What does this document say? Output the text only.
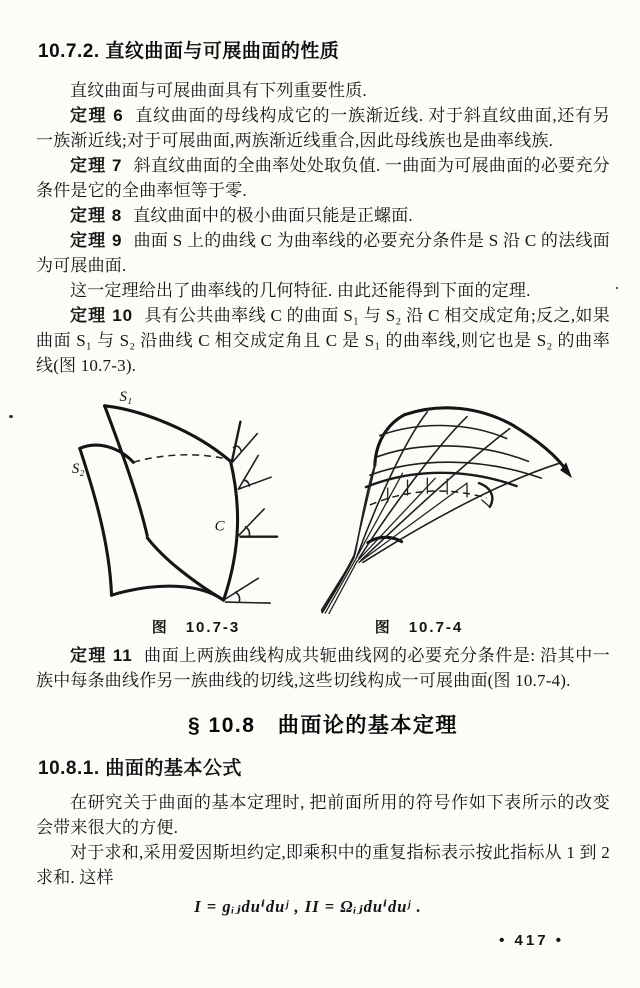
10.7.2. 直纹曲面与可展曲面的性质

直纹曲面与可展曲面具有下列重要性质.

定理 6 直纹曲面的母线构成它的一族渐近线. 对于斜直纹曲面,还有另一族渐近线;对于可展曲面,两族渐近线重合,因此母线族也是曲率线族.

定理 7 斜直纹曲面的全曲率处处取负值. 一曲面为可展曲面的必要充分条件是它的全曲率恒等于零.

定理 8 直纹曲面中的极小曲面只能是正螺面.

定理 9 曲面 S 上的曲线 C 为曲率线的必要充分条件是 S 沿 C 的法线面为可展曲面.

这一定理给出了曲率线的几何特征. 由此还能得到下面的定理.

定理 10 具有公共曲率线 C 的曲面 S₁ 与 S₂ 沿 C 相交成定角;反之,如果曲面 S₁ 与 S₂ 沿曲线 C 相交成定角且 C 是 S₁ 的曲率线,则它也是 S₂ 的曲率线(图 10.7-3).

S₁
S₂
C
图　10.7-3	图　10.7-4

定理 11 曲面上两族曲线构成共轭曲线网的必要充分条件是: 沿其中一族中每条曲线作另一族曲线的切线,这些切线构成一可展曲面(图 10.7-4).

§ 10.8　曲面论的基本定理
10.8.1. 曲面的基本公式

在研究关于曲面的基本定理时, 把前面所用的符号作如下表所示的改变会带来很大的方便.

对于求和,采用爱因斯坦约定,即乘积中的重复指标表示按此指标从 1 到 2 求和. 这样

I = gᵢⱼduⁱduʲ , II = Ωᵢⱼduⁱduʲ .
• 417 •
